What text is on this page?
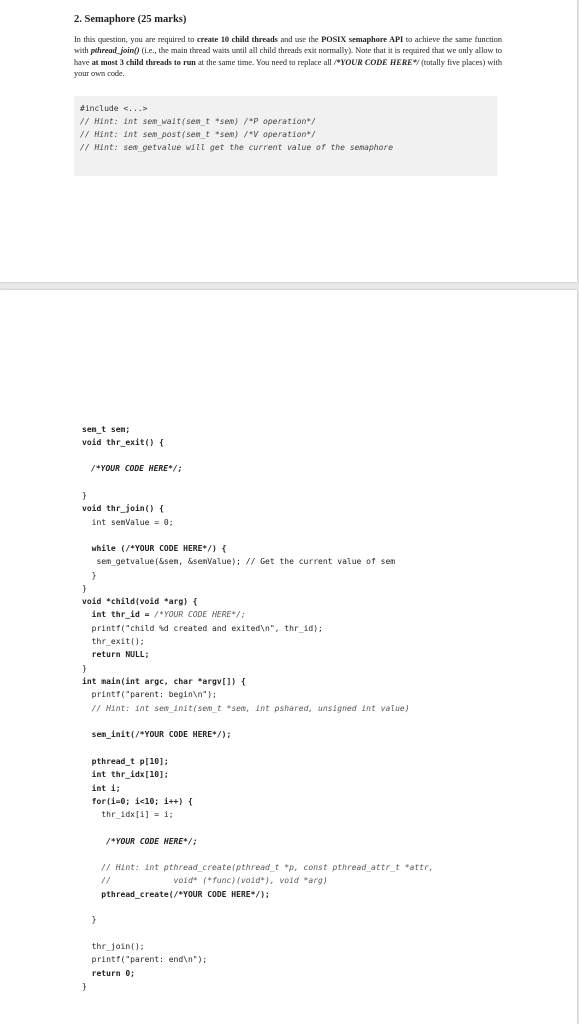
2. Semaphore (25 marks)

In this question, you are required to create 10 child threads and use the POSIX semaphore API to achieve the same function with pthread_join() (i.e., the main thread waits until all child threads exit normally). Note that it is required that we only allow to have at most 3 child threads to run at the same time. You need to replace all /*YOUR CODE HERE*/ (totally five places) with your own code.

#include <...>
// Hint: int sem_wait(sem_t *sem) /*P operation*/
// Hint: int sem_post(sem_t *sem) /*V operation*/
// Hint: sem_getvalue will get the current value of the semaphore
sem_t sem;
void thr_exit() {

/*YOUR CODE HERE*/;
}
void thr_join() {
int semValue = 0;

while (/*YOUR CODE HERE*/) {
sem_getvalue(&sem, &semValue); // Get the current value of sem
}
}
void *child(void *arg) {
int thr_id = /*YOUR CODE HERE*/;
printf("child %d created and exited\n", thr_id);
thr_exit();
return NULL;
}
int main(int argc, char *argv[]) {
printf("parent: begin\n");
// Hint: int sem_init(sem_t *sem, int pshared, unsigned int value)

sem_init(/*YOUR CODE HERE*/);
pthread_t p[10];
int thr_idx[10];
int i;
for(i=0; i<10; i++) {
thr_idx[i] = i;

/*YOUR CODE HERE*/;
// Hint: int pthread_create(pthread_t *p, const pthread_attr_t *attr,
//             void* (*func)(void*), void *arg)
pthread_create(/*YOUR CODE HERE*/);

}
thr_join();
printf("parent: end\n");
return 0;
}
